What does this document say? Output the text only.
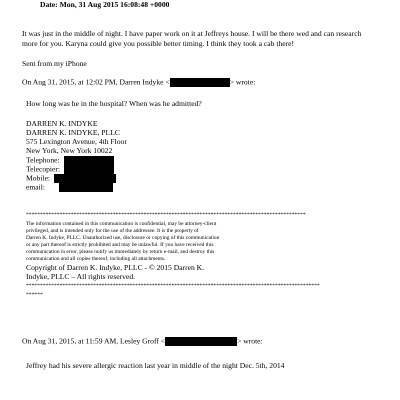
Date: Mon, 31 Aug 2015 16:08:48 +0000
It was just in the middle of night. I have paper work on it at Jeffreys house. I will be there wed and can research
more for you. Karyna could give you possible better timing. I think they took a cab there!
Sent from my iPhone
On Aug 31, 2015, at 12:02 PM, Darren Indyke <	> wrote:
How long was he in the hospital? When was he admitted?
DARREN K. INDYKE
DARREN K. INDYKE, PLLC
575 Lexington Avenue, 4th Floor
New York, New York 10022
Telephone:
Telecopier:
Mobile:
email:
****************************************************************************************************
The information contained in this communication is confidential, may be attorney-client
privileged, and is intended only for the use of the addressee. It is the property of
Darren K. Indyke, PLLC. Unauthorized use, disclosure or copying of this communication
or any part thereof is strictly prohibited and may be unlawful. If you have received this
communication in error, please notify us immediately by return e-mail, and destroy this
communication and all copies thereof, including all attachments.
Copyright of Darren K. Indyke, PLLC - © 2015 Darren K.
Indyke, PLLC – All rights reserved.
*********************************************************************************************************
******
On Aug 31, 2015, at 11:59 AM, Lesley Groff <	> wrote:
Jeffrey had his severe allergic reaction last year in middle of the night Dec. 5th, 2014
